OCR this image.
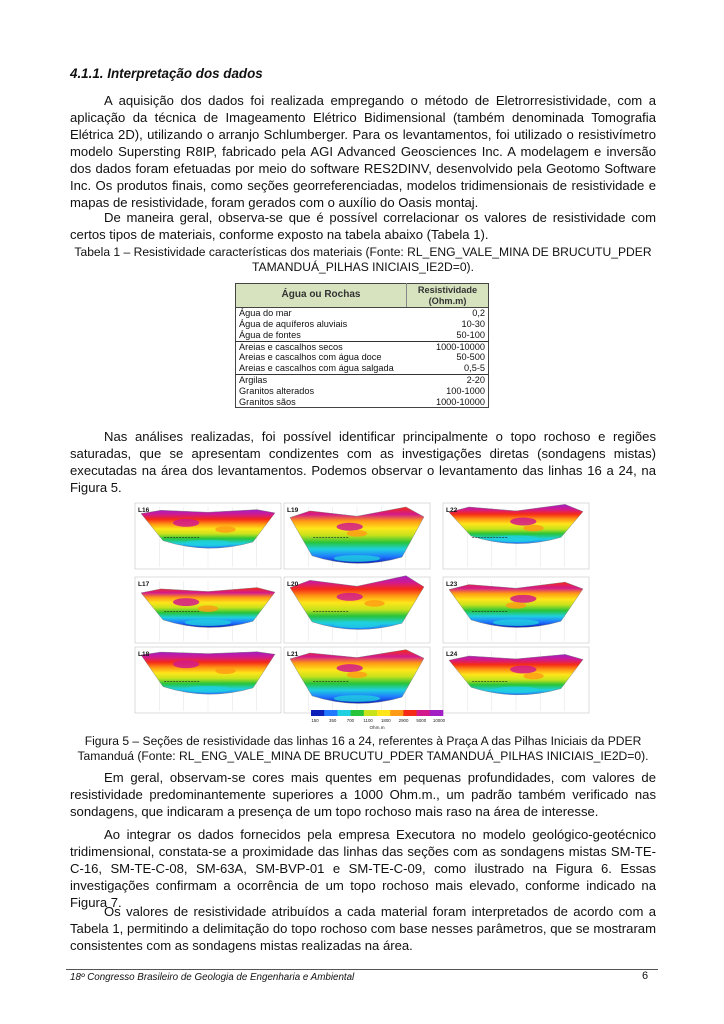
4.1.1. Interpretação dos dados

A aquisição dos dados foi realizada empregando o método de Eletrorresistividade, com a aplicação da técnica de Imageamento Elétrico Bidimensional (também denominada Tomografia Elétrica 2D), utilizando o arranjo Schlumberger. Para os levantamentos, foi utilizado o resistivímetro modelo Supersting R8IP, fabricado pela AGI Advanced Geosciences Inc. A modelagem e inversão dos dados foram efetuadas por meio do software RES2DINV, desenvolvido pela Geotomo Software Inc. Os produtos finais, como seções georreferenciadas, modelos tridimensionais de resistividade e mapas de resistividade, foram gerados com o auxílio do Oasis montaj.

De maneira geral, observa-se que é possível correlacionar os valores de resistividade com certos tipos de materiais, conforme exposto na tabela abaixo (Tabela 1).

Tabela 1 – Resistividade características dos materiais (Fonte: RL_ENG_VALE_MINA DE BRUCUTU_PDER TAMANDUÁ_PILHAS INICIAIS_IE2D=0).

Água ou Rochas	Resistividade (Ohm.m)
Água do mar	0,2
Água de aquíferos aluviais	10-30
Água de fontes	50-100
Areias e cascalhos secos	1000-10000
Areias e cascalhos com água doce	50-500
Areias e cascalhos com água salgada	0,5-5
Argilas	2-20
Granitos alterados	100-1000
Granitos sãos	1000-10000

Nas análises realizadas, foi possível identificar principalmente o topo rochoso e regiões saturadas, que se apresentam condizentes com as investigações diretas (sondagens mistas) executadas na área dos levantamentos. Podemos observar o levantamento das linhas 16 a 24, na Figura 5.

L16	L19	L22
L17	L20	L23
L18	L21	L24
150 350 700 1100 1800 2900 5000 10000
Ohm.m

Figura 5 – Seções de resistividade das linhas 16 a 24, referentes à Praça A das Pilhas Iniciais da PDER Tamanduá (Fonte: RL_ENG_VALE_MINA DE BRUCUTU_PDER TAMANDUÁ_PILHAS INICIAIS_IE2D=0).

Em geral, observam-se cores mais quentes em pequenas profundidades, com valores de resistividade predominantemente superiores a 1000 Ohm.m., um padrão também verificado nas sondagens, que indicaram a presença de um topo rochoso mais raso na área de interesse.

Ao integrar os dados fornecidos pela empresa Executora no modelo geológico-geotécnico tridimensional, constata-se a proximidade das linhas das seções com as sondagens mistas SM-TE-C-16, SM-TE-C-08, SM-63A, SM-BVP-01 e SM-TE-C-09, como ilustrado na Figura 6. Essas investigações confirmam a ocorrência de um topo rochoso mais elevado, conforme indicado na Figura 7.

Os valores de resistividade atribuídos a cada material foram interpretados de acordo com a Tabela 1, permitindo a delimitação do topo rochoso com base nesses parâmetros, que se mostraram consistentes com as sondagens mistas realizadas na área.

18º Congresso Brasileiro de Geologia de Engenharia e Ambiental	6
